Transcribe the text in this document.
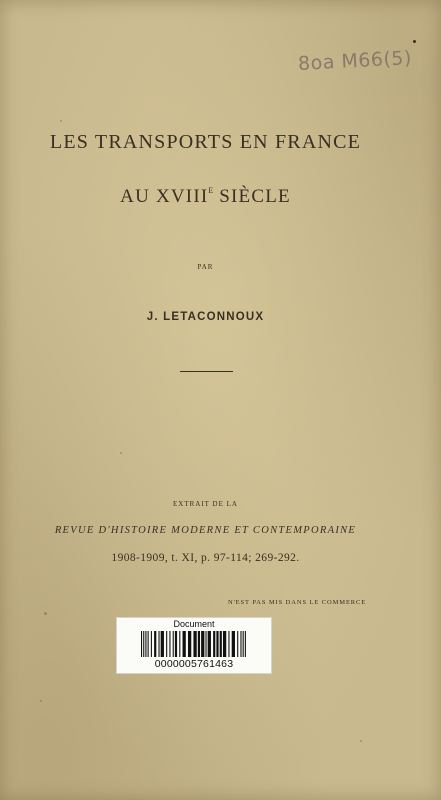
8oa M66(5)
LES TRANSPORTS EN FRANCE
AU $XVIII^E$ SIÈCLE
PAR
J. LETACONNOUX
EXTRAIT DE LA
REVUE D'HISTOIRE MODERNE ET CONTEMPORAINE
1908-1909, t. XI, p. 97-114; 269-292.
N'EST PAS MIS DANS LE COMMERCE
Document
0000005761463
